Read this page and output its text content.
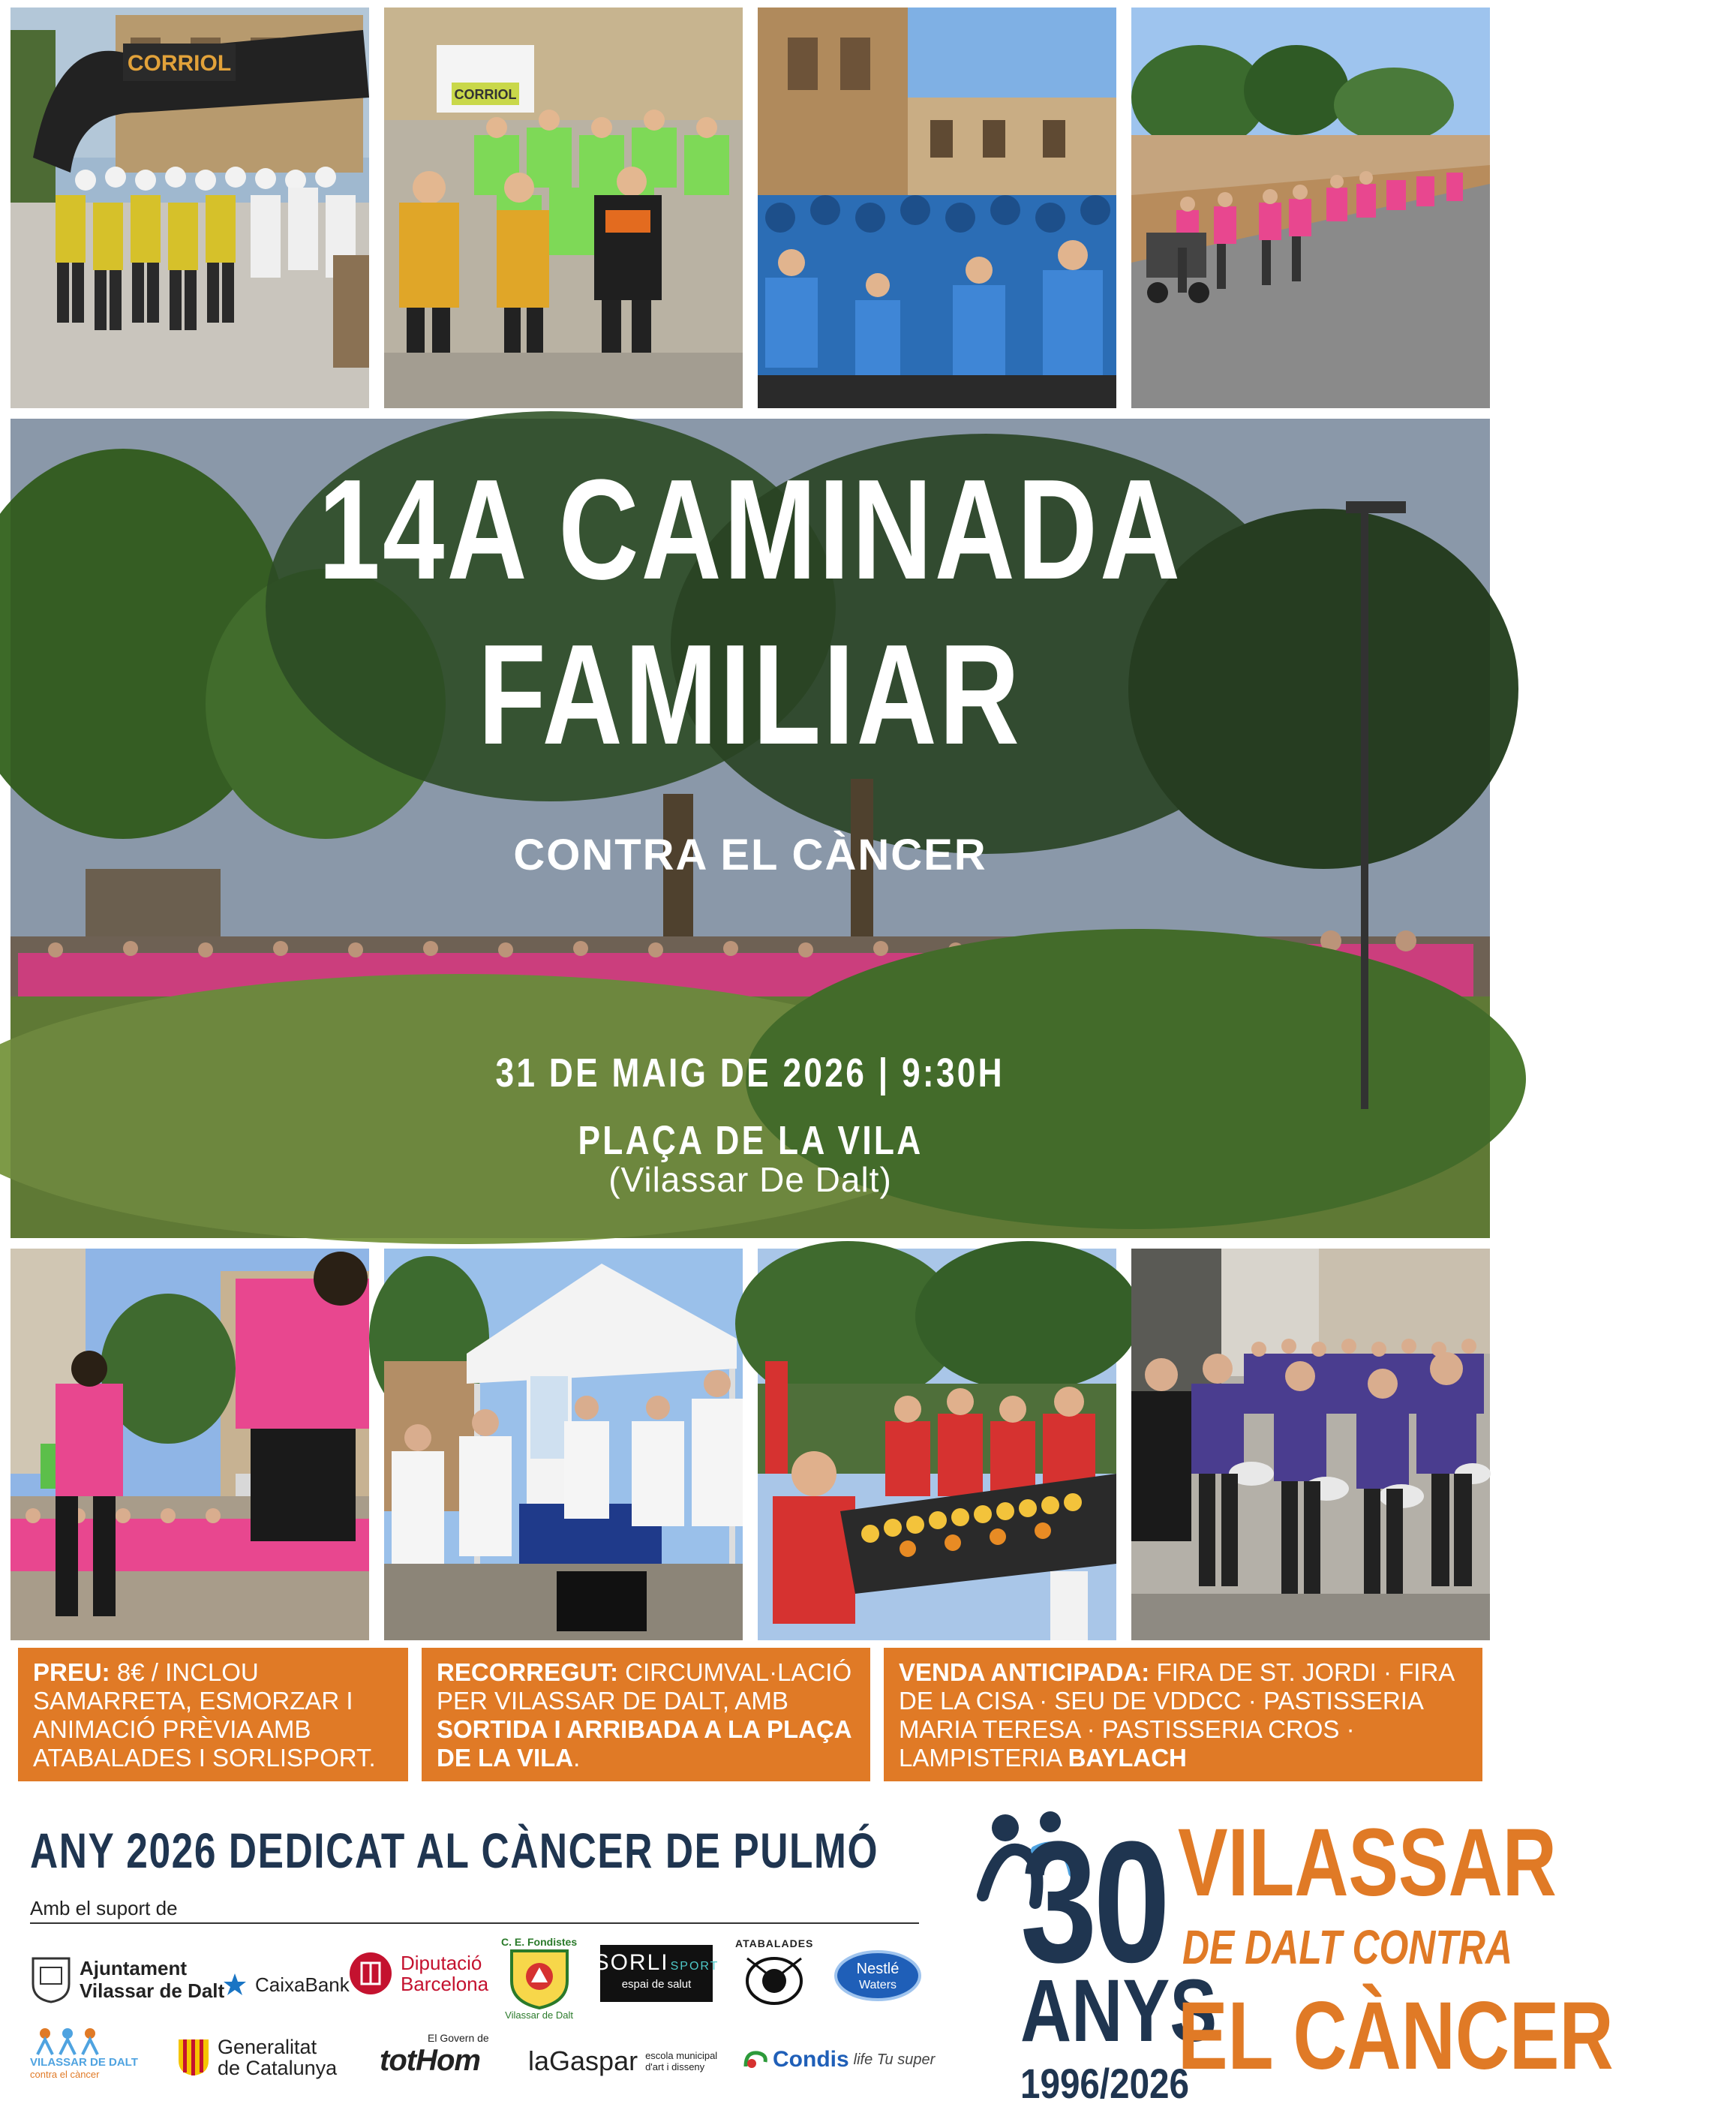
CORRIOL
CORRIOL
14A CAMINADA
FAMILIAR
CONTRA EL CÀNCER
31 DE MAIG DE 2026 | 9:30H
PLAÇA DE LA VILA
(Vilassar De Dalt)
PREU: 8€ / INCLOU SAMARRETA, ESMORZAR I ANIMACIÓ PRÈVIA AMB ATABALADES I SORLISPORT.
RECORREGUT: CIRCUMVAL·LACIÓ PER VILASSAR DE DALT, AMB SORTIDA I ARRIBADA A LA PLAÇA DE LA VILA.
VENDA ANTICIPADA: FIRA DE ST. JORDI · FIRA DE LA CISA · SEU DE VDDCC · PASTISSERIA MARIA TERESA · PASTISSERIA CROS · LAMPISTERIA BAYLACH
ANY 2026 DEDICAT AL CÀNCER DE PULMÓ
Amb el suport de
Ajuntament
Vilassar de Dalt CaixaBank
Diputació
Barcelona
C. E. Fondistes
Vilassar de Dalt
SORLI SPORT
espai de salut
ATABALADES
Nestlé
Waters
VILASSAR DE DALT
contra el càncer
Generalitat
de Catalunya
El Govern de
totHom laGaspar escola municipal
d'art i disseny	Condis life Tu super
30
ANYS
1996/2026
VILASSAR
DE DALT CONTRA
EL CÀNCER
